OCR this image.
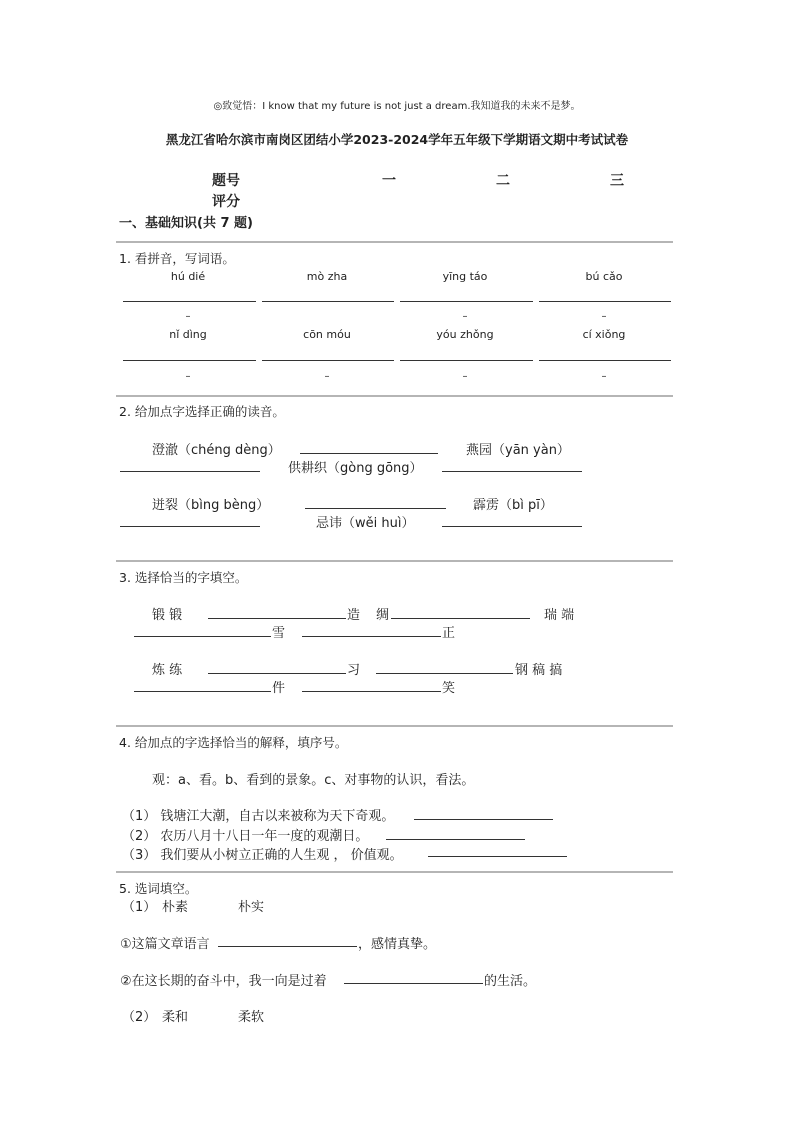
◎致觉悟：I know that my future is not just a dream.我知道我的未来不是梦。
黑龙江省哈尔滨市南岗区团结小学2023-2024学年五年级下学期语文期中考试试卷
题号	一	二	三
评分
一、基础知识(共 7 题)
1. 看拼音，写词语。
hú dié	mò zha	yīng táo	bú cǎo
–	–	–
nǐ dìng	cōn móu	yóu zhǒng	cí xiǒng
–	–	–	–
2. 给加点字选择正确的读音。
澄澈（chéng dèng）	燕园（yān yàn）
供耕织（gòng gōng）
迸裂（bìng bèng）	霹雳（bì pī）
忌讳（wěi huì）
3. 选择恰当的字填空。
锻 锻	造 绸	瑞 端
雪	正
炼 练	习	钢 稿 搞
件	笑
4. 给加点的字选择恰当的解释，填序号。
观：a、看。b、看到的景象。c、对事物的认识，看法。
（1） 钱塘江大潮，自古以来被称为天下奇观。
（2） 农历八月十八日一年一度的观潮日。
（3） 我们要从小树立正确的人生观 ， 价值观。
5. 选词填空。
（1） 朴素	朴实
①这篇文章语言	，感情真挚。
②在这长期的奋斗中，我一向是过着	的生活。
（2） 柔和	柔软
